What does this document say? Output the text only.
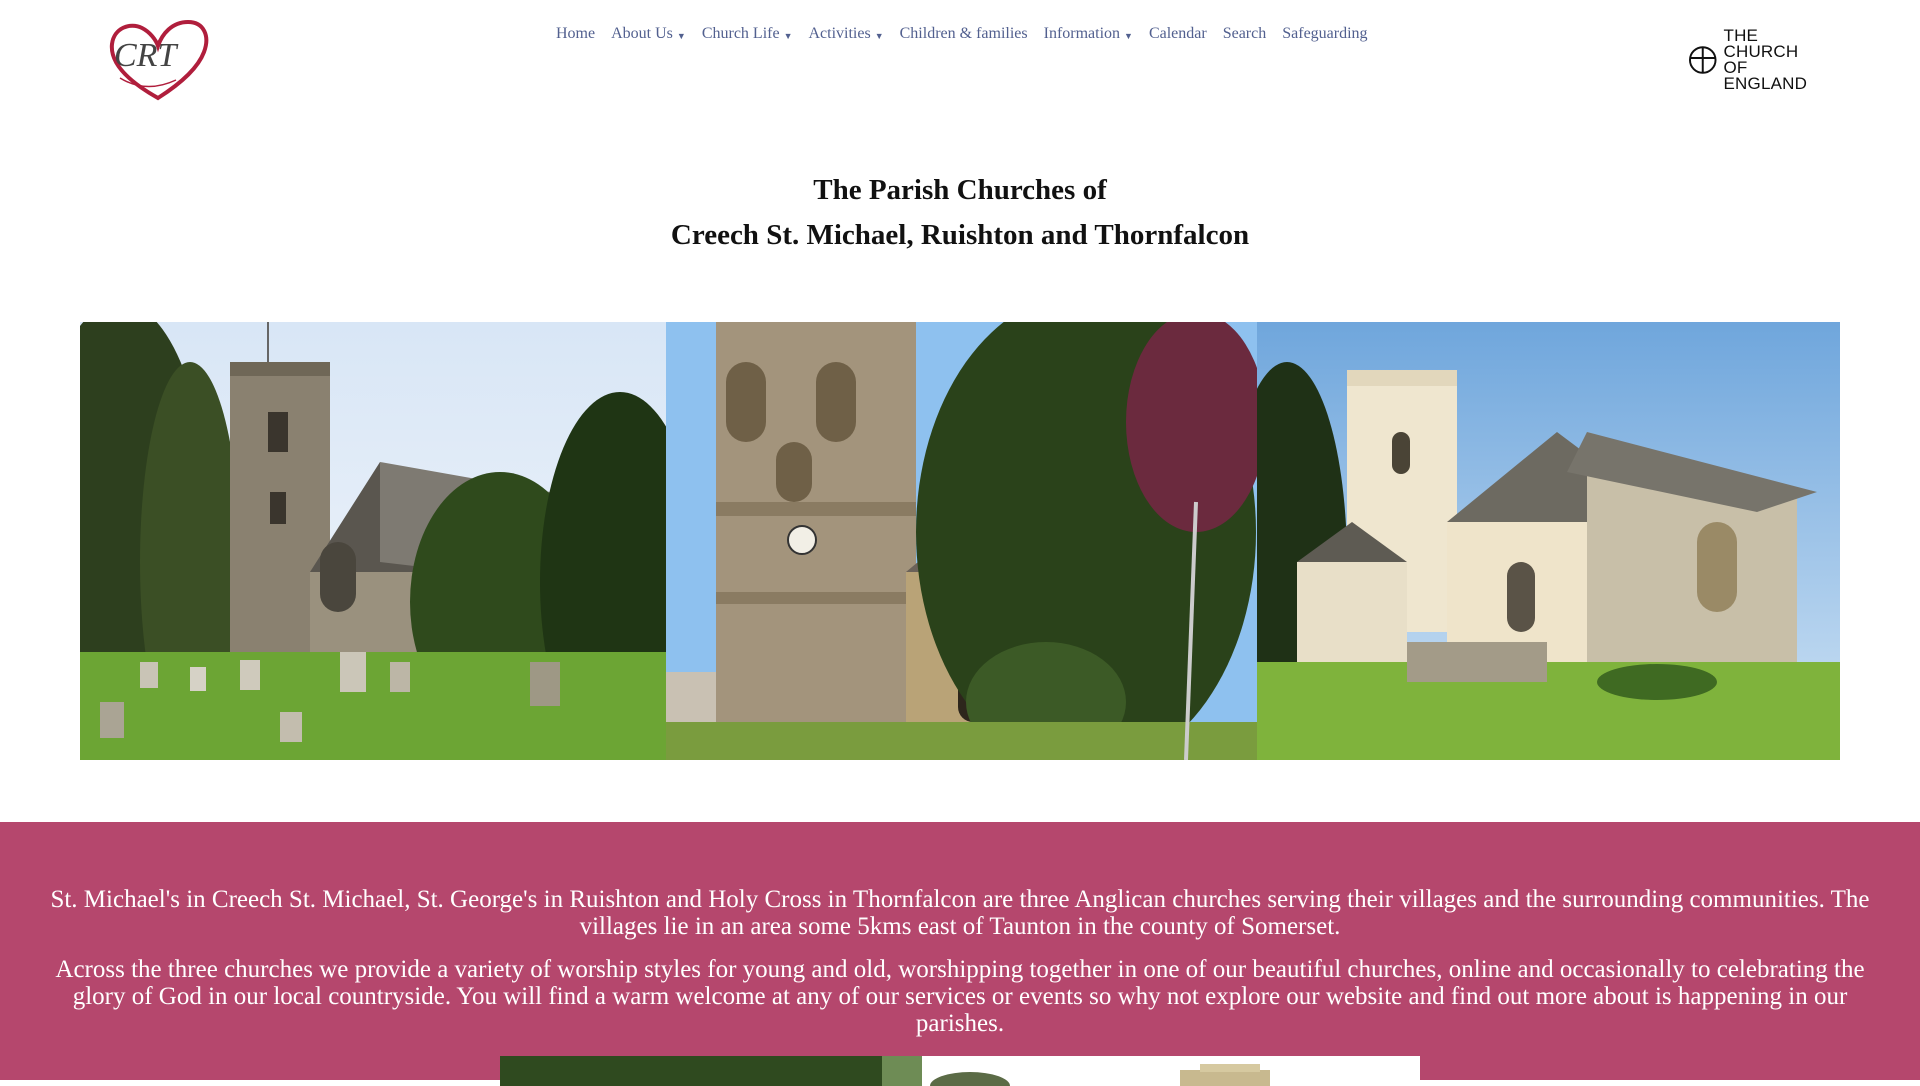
CRT
Home About Us ▼ Church Life ▼ Activities ▼ Children & families Information ▼ Calendar Search Safeguarding	THE CHURCH
OF ENGLAND
The Parish Churches of
Creech St. Michael, Ruishton and Thornfalcon
St. Michael's in Creech St. Michael, St. George's in Ruishton and Holy Cross in Thornfalcon are three Anglican churches serving their villages and the surrounding communities. The villages lie in an area some 5kms east of Taunton in the county of Somerset.
Across the three churches we provide a variety of worship styles for young and old, worshipping together in one of our beautiful churches, online and occasionally to celebrating the glory of God in our local countryside. You will find a warm welcome at any of our services or events so why not explore our website and find out more about is happening in our parishes.
